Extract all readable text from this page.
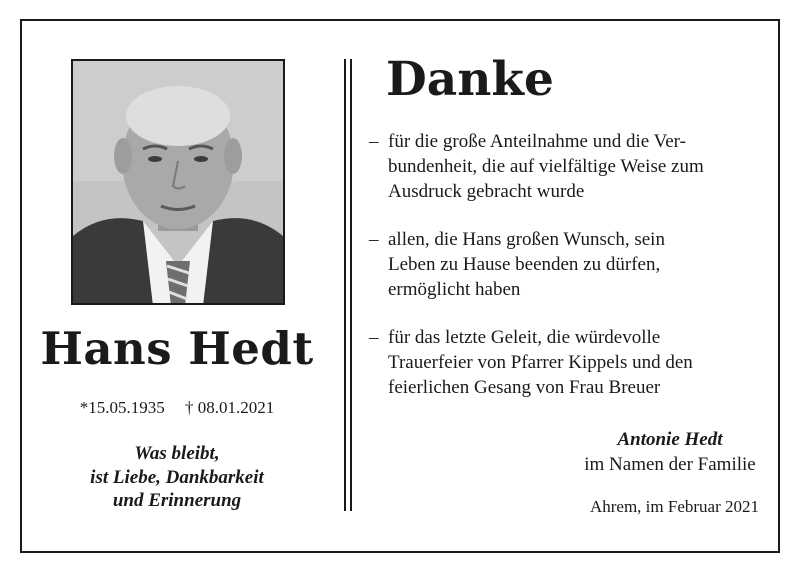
Hans Hedt
*15.05.1935 † 08.01.2021
Was bleibt,
ist Liebe, Dankbarkeit
und Erinnerung
Danke
– für die große Anteilnahme und die Ver-
bundenheit, die auf vielfältige Weise zum
Ausdruck gebracht wurde
– allen, die Hans großen Wunsch, sein
Leben zu Hause beenden zu dürfen,
ermöglicht haben
– für das letzte Geleit, die würdevolle
Trauerfeier von Pfarrer Kippels und den
feierlichen Gesang von Frau Breuer
Antonie Hedt
im Namen der Familie
Ahrem, im Februar 2021
